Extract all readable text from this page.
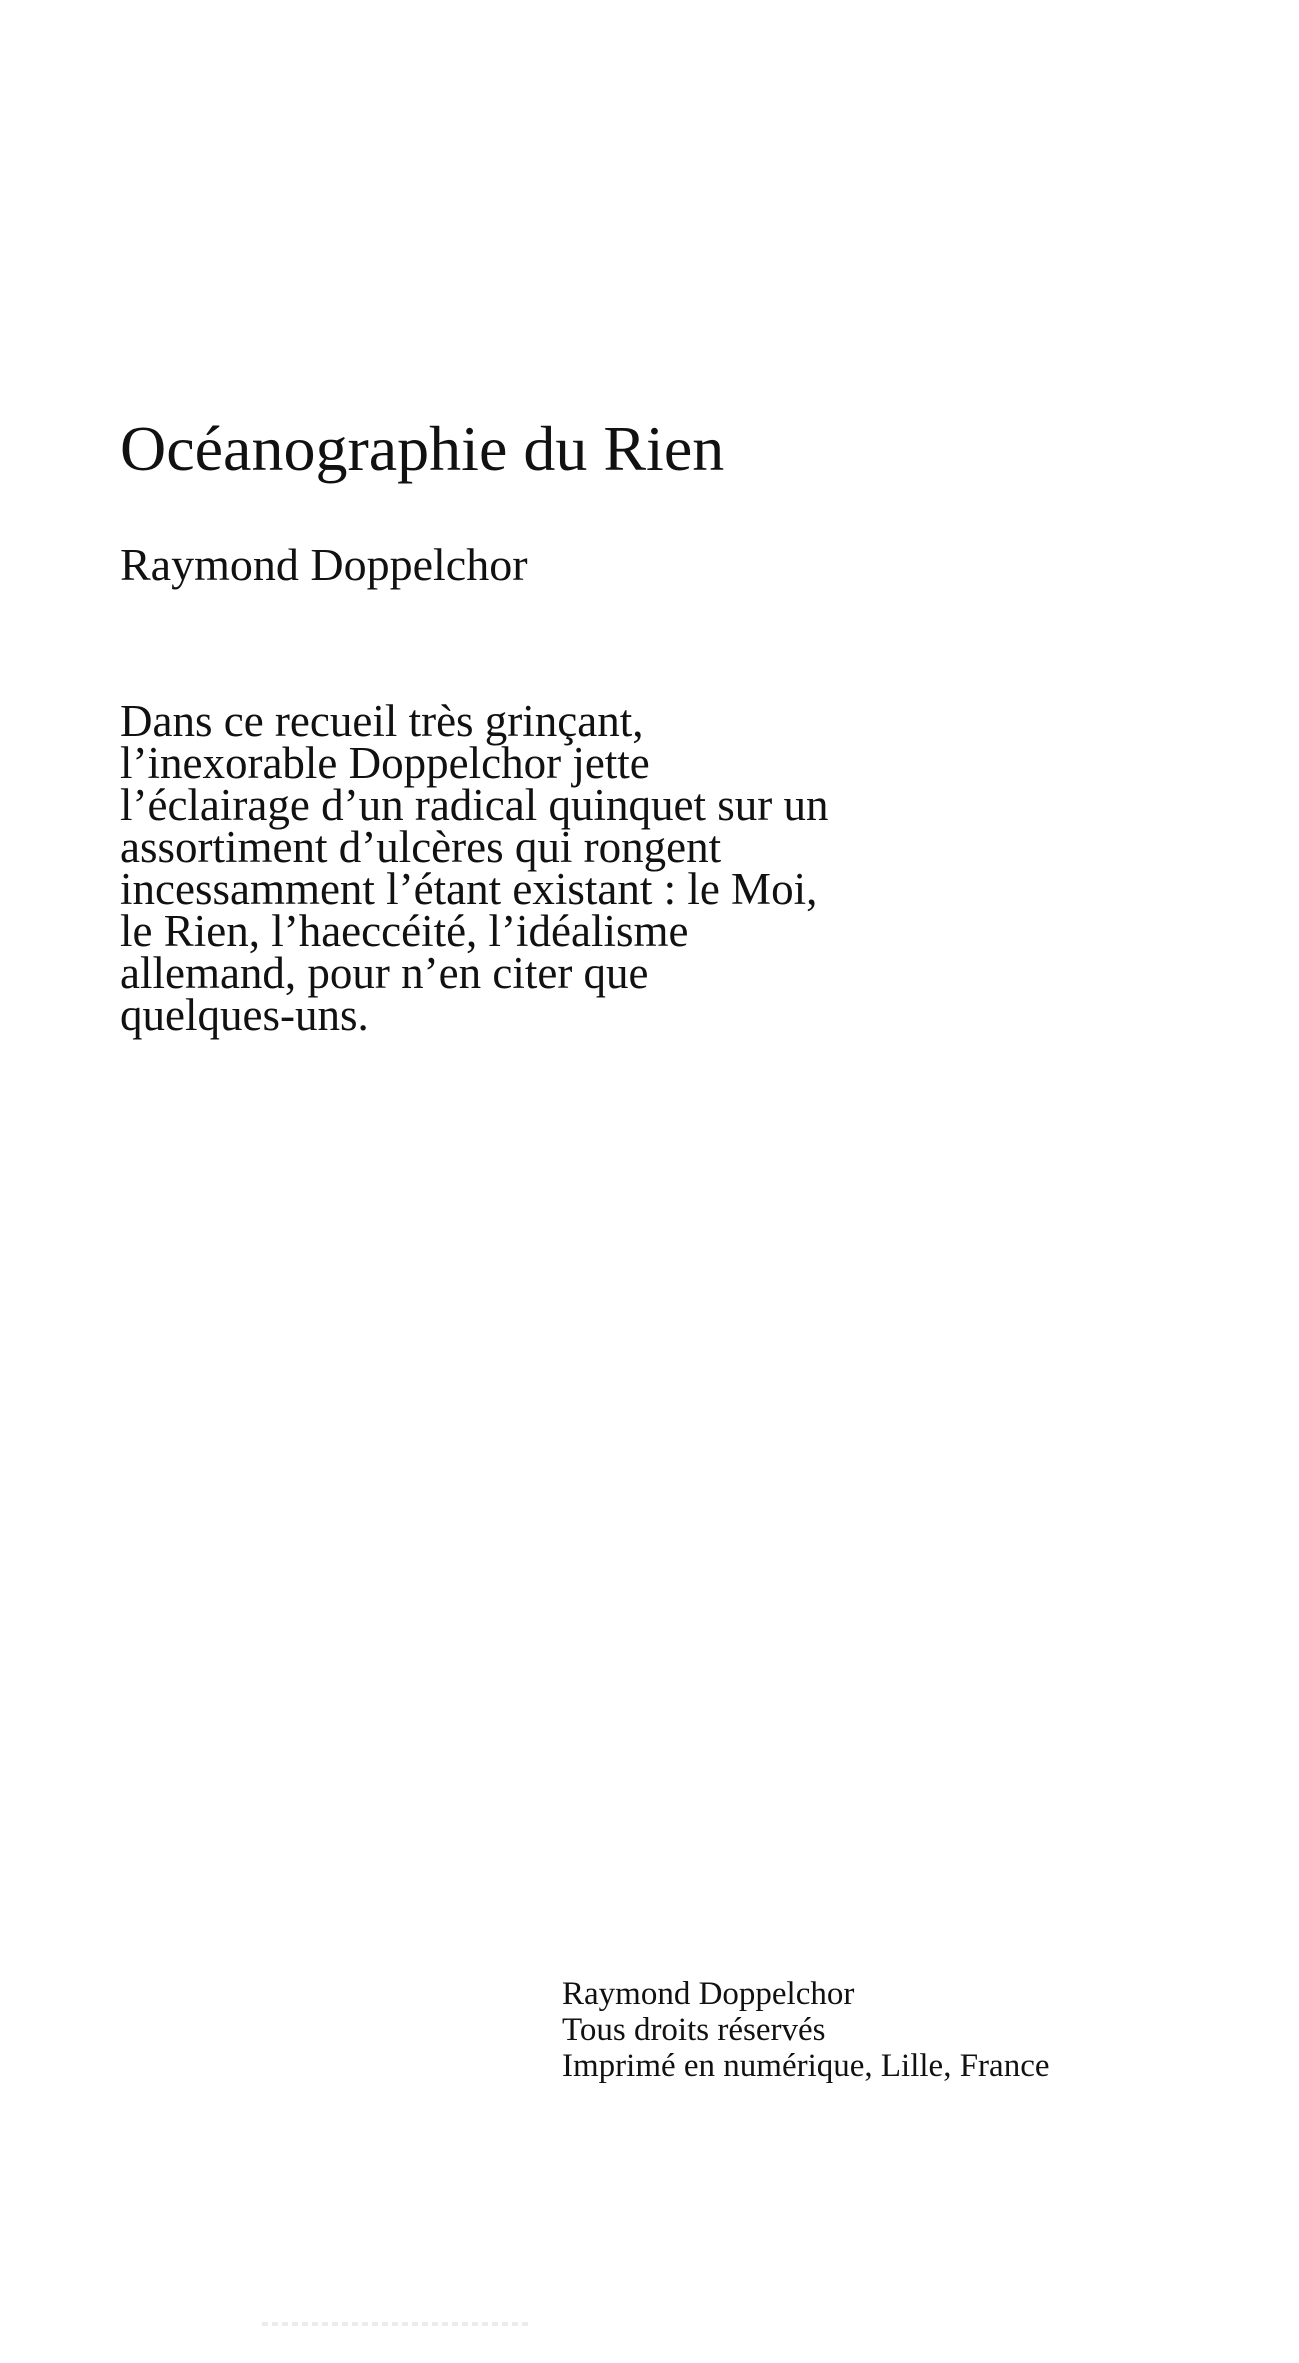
Océanographie du Rien
Raymond Doppelchor

Dans ce recueil très grinçant,
l’inexorable Doppelchor jette
l’éclairage d’un radical quinquet sur un
assortiment d’ulcères qui rongent
incessamment l’étant existant : le Moi,
le Rien, l’haeccéité, l’idéalisme
allemand, pour n’en citer que
quelques-uns.

Raymond Doppelchor
Tous droits réservés
Imprimé en numérique, Lille, France
